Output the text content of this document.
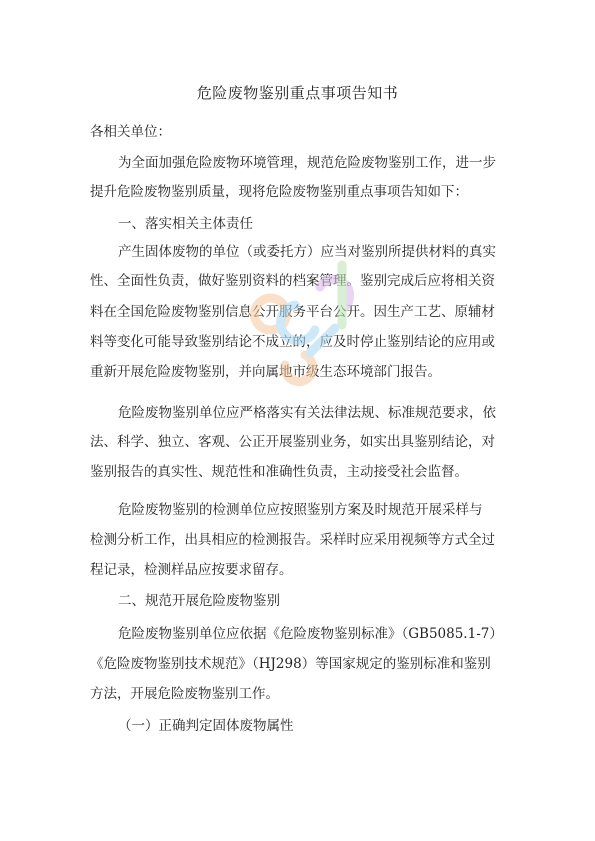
危险废物鉴别重点事项告知书

各相关单位：

为全面加强危险废物环境管理，规范危险废物鉴别工作，进一步

提升危险废物鉴别质量，现将危险废物鉴别重点事项告知如下：

一、落实相关主体责任

产生固体废物的单位（或委托方）应当对鉴别所提供材料的真实

性、全面性负责，做好鉴别资料的档案管理。鉴别完成后应将相关资

料在全国危险废物鉴别信息公开服务平台公开。因生产工艺、原辅材

料等变化可能导致鉴别结论不成立的，应及时停止鉴别结论的应用或

重新开展危险废物鉴别，并向属地市级生态环境部门报告。

危险废物鉴别单位应严格落实有关法律法规、标准规范要求，依

法、科学、独立、客观、公正开展鉴别业务，如实出具鉴别结论，对

鉴别报告的真实性、规范性和准确性负责，主动接受社会监督。

危险废物鉴别的检测单位应按照鉴别方案及时规范开展采样与

检测分析工作，出具相应的检测报告。采样时应采用视频等方式全过

程记录，检测样品应按要求留存。

二、规范开展危险废物鉴别

危险废物鉴别单位应依据《危险废物鉴别标准》（GB5085.1-7）

《危险废物鉴别技术规范》（HJ298）等国家规定的鉴别标准和鉴别

方法，开展危险废物鉴别工作。

（一）正确判定固体废物属性
